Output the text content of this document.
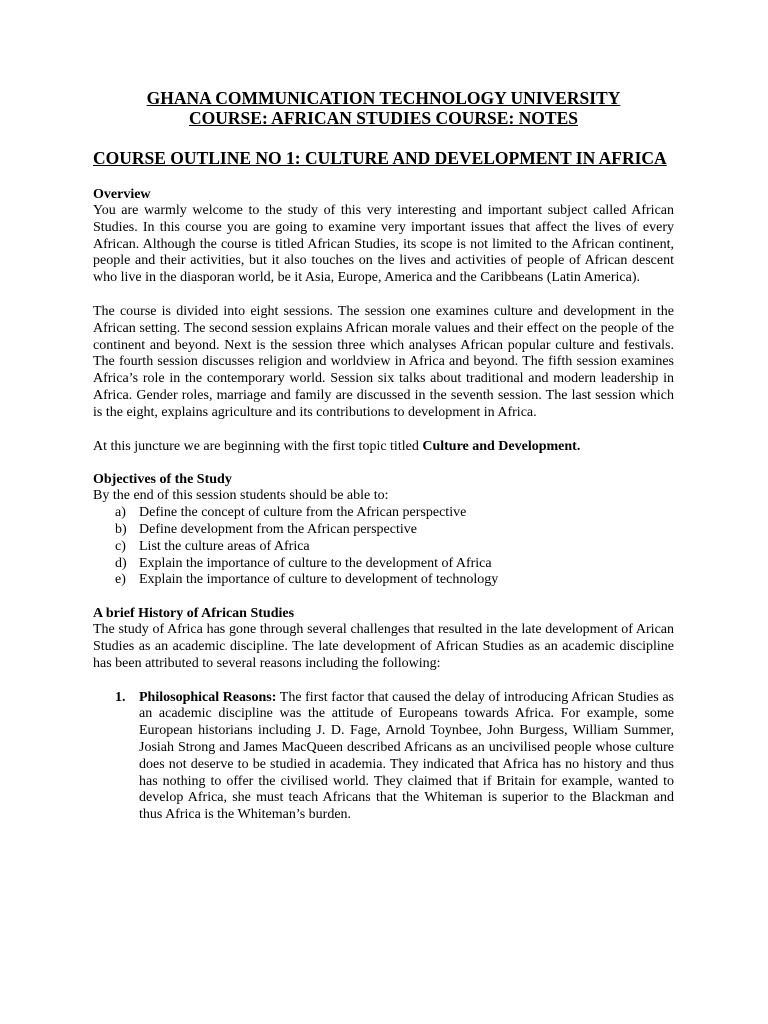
GHANA COMMUNICATION TECHNOLOGY UNIVERSITY
COURSE: AFRICAN STUDIES COURSE: NOTES
COURSE OUTLINE NO 1: CULTURE AND DEVELOPMENT IN AFRICA
Overview

You are warmly welcome to the study of this very interesting and important subject called African Studies. In this course you are going to examine very important issues that affect the lives of every African. Although the course is titled African Studies, its scope is not limited to the African continent, people and their activities, but it also touches on the lives and activities of people of African descent who live in the diasporan world, be it Asia, Europe, America and the Caribbeans (Latin America).

The course is divided into eight sessions. The session one examines culture and development in the African setting. The second session explains African morale values and their effect on the people of the continent and beyond. Next is the session three which analyses African popular culture and festivals. The fourth session discusses religion and worldview in Africa and beyond. The fifth session examines Africa’s role in the contemporary world. Session six talks about traditional and modern leadership in Africa. Gender roles, marriage and family are discussed in the seventh session. The last session which is the eight, explains agriculture and its contributions to development in Africa.

At this juncture we are beginning with the first topic titled Culture and Development.

Objectives of the Study

By the end of this session students should be able to:

a) Define the concept of culture from the African perspective
b) Define development from the African perspective
c) List the culture areas of Africa
d) Explain the importance of culture to the development of Africa
e) Explain the importance of culture to development of technology
A brief History of African Studies

The study of Africa has gone through several challenges that resulted in the late development of Arican Studies as an academic discipline. The late development of African Studies as an academic discipline has been attributed to several reasons including the following:

1. Philosophical Reasons: The first factor that caused the delay of introducing African Studies as an academic discipline was the attitude of Europeans towards Africa. For example, some European historians including J. D. Fage, Arnold Toynbee, John Burgess, William Summer, Josiah Strong and James MacQueen described Africans as an uncivilised people whose culture does not deserve to be studied in academia. They indicated that Africa has no history and thus has nothing to offer the civilised world. They claimed that if Britain for example, wanted to develop Africa, she must teach Africans that the Whiteman is superior to the Blackman and thus Africa is the Whiteman’s burden.
